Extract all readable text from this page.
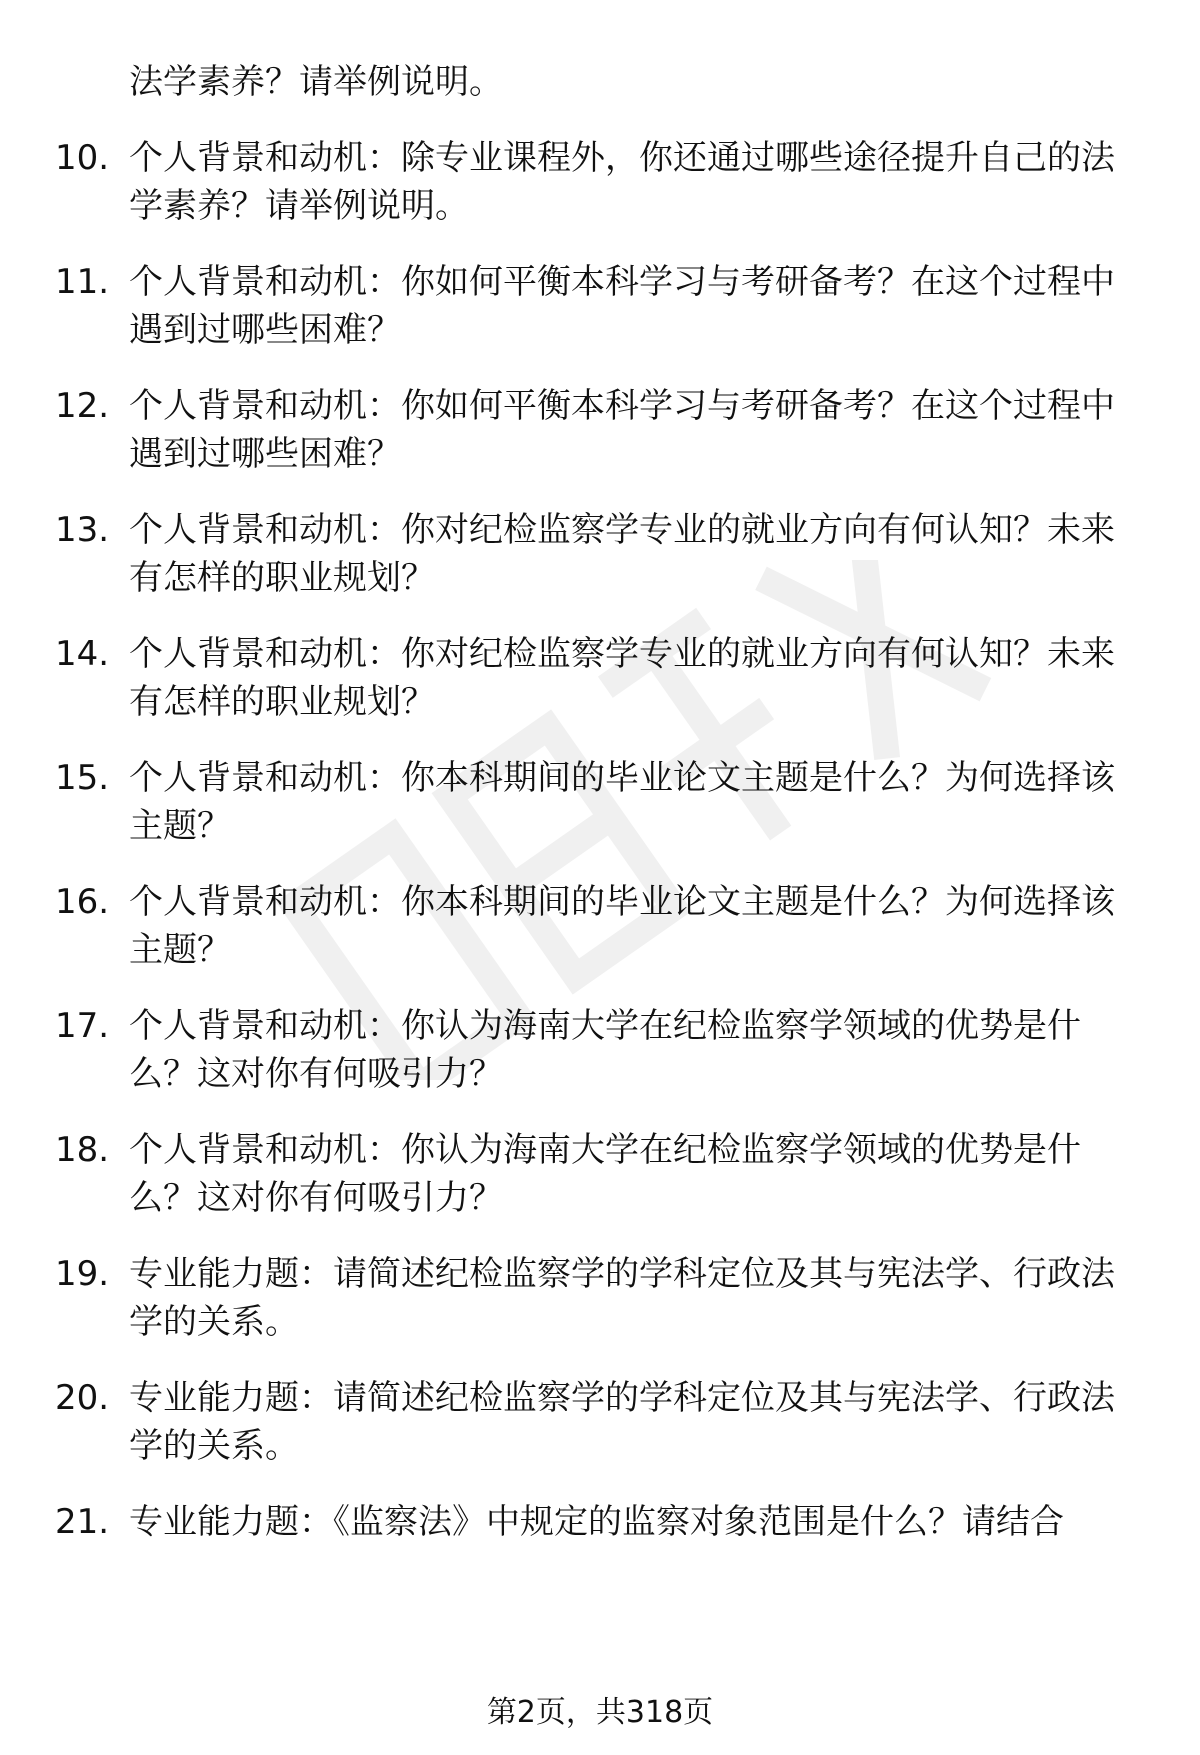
法学素养？请举例说明。
10. 个人背景和动机：除专业课程外，你还通过哪些途径提升自己的法学素养？请举例说明。
11. 个人背景和动机：你如何平衡本科学习与考研备考？在这个过程中遇到过哪些困难？
12. 个人背景和动机：你如何平衡本科学习与考研备考？在这个过程中遇到过哪些困难？
13. 个人背景和动机：你对纪检监察学专业的就业方向有何认知？未来有怎样的职业规划？
14. 个人背景和动机：你对纪检监察学专业的就业方向有何认知？未来有怎样的职业规划？
15. 个人背景和动机：你本科期间的毕业论文主题是什么？为何选择该主题？
16. 个人背景和动机：你本科期间的毕业论文主题是什么？为何选择该主题？
17. 个人背景和动机：你认为海南大学在纪检监察学领域的优势是什么？这对你有何吸引力？
18. 个人背景和动机：你认为海南大学在纪检监察学领域的优势是什么？这对你有何吸引力？
19. 专业能力题：请简述纪检监察学的学科定位及其与宪法学、行政法学的关系。
20. 专业能力题：请简述纪检监察学的学科定位及其与宪法学、行政法学的关系。
21. 专业能力题：《监察法》中规定的监察对象范围是什么？请结合
第2页，共318页
